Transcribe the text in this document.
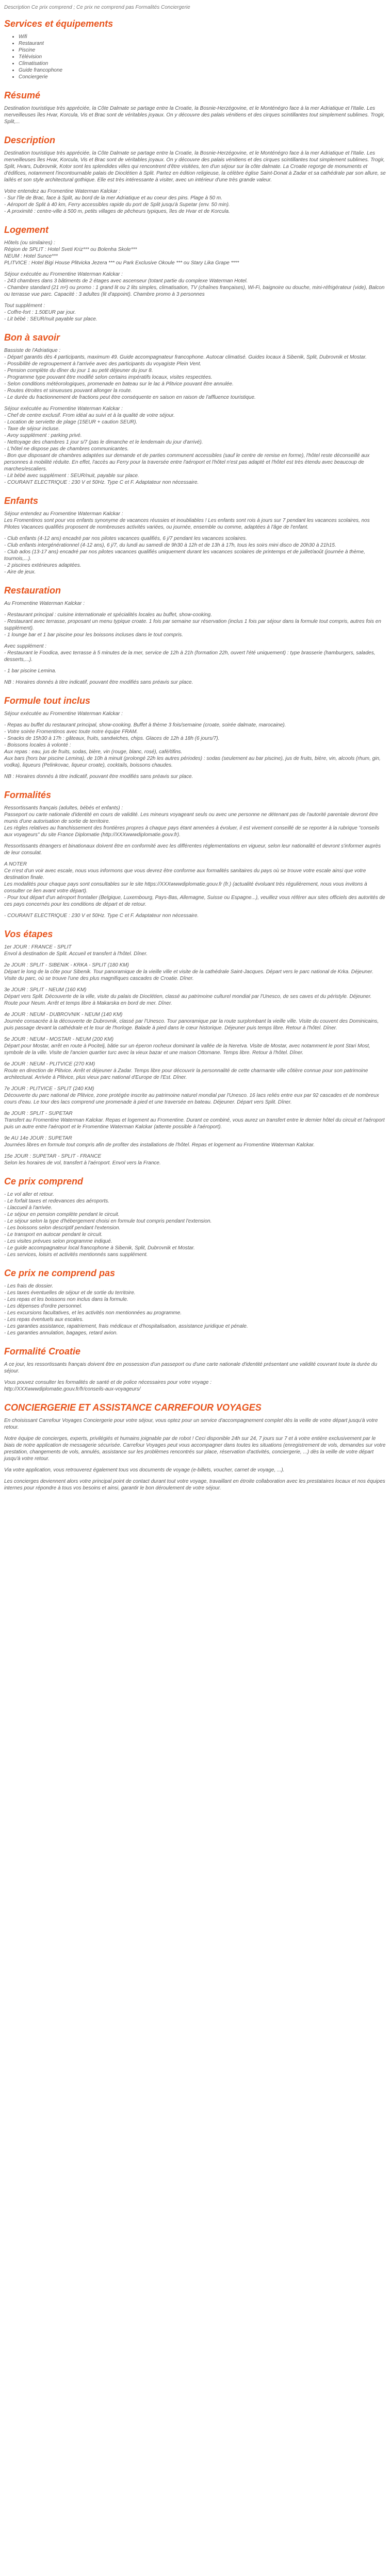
Description Ce prix comprend ; Ce prix ne comprend pas Formalités Conciergerie
Services et équipements
• Wifi
• Restaurant
• Piscine
• Télévision
• Climatisation
• Guide francophone
• Conciergerie
Résumé
Destination touristique très appréciée, la Côte Dalmate se partage entre la Croatie, la Bosnie-Herzégovine, et le Monténégro face à la mer Adriatique et l'Italie. Les merveilleuses îles Hvar, Korcula, Vis et Brac sont de véritables joyaux. On y découvre des palais vénitiens et des cirques scintillantes tout simplement sublimes. Trogir, Split,...
Description
Destination touristique très appréciée, la Côte Dalmate se partage entre la Croatie, la Bosnie-Herzégovine, et le Monténégro face à la mer Adriatique et l'Italie. Les merveilleuses îles Hvar, Korcula, Vis et Brac sont de véritables joyaux. On y découvre des palais vénitiens et des cirques scintillantes tout simplement sublimes. Trogir, Split, Hvars, Dubrovnik, Kotor sont les splendides villes qui rencontrent d'être visitées, ten d'un séjour sur la côte dalmate. La Croatie regorge de monuments et d'édifices, notamment l'incontournable palais de Dioclétien à Split. Partez en édition religieuse, la célèbre église Saint-Donat à Zadar et sa cathédrale par son allure, se laïlés et son style architectural gothique. Elle est très intéressante à visiter, avec un intérieur d'une très grande valeur.
Votre entendez au Fromentine Waterman Kalckar :
- Sur l'île de Brac, face à Split, au bord de la mer Adriatique et au coeur des pins. Plage à 50 m.
- Aéroport de Split à 40 km, Ferry accessibles rapide du port de Split jusqu'à Supetar (env. 50 min).
- A proximité : centre-ville à 500 m, petits villages de pêcheurs typiques, îles de Hvar et de Korcula.
Logement
Hôtels (ou similaires) :
Région de SPLIT : Hotel Sveti Kriz*** ou Bolenha Skole***
NEUM : Hotel Sunce***
PLITVICE : Hotel Bigi House Plitvicka Jezera *** ou Park Exclusive Okoule *** ou Stary Lika Grape ****
Séjour exécutée au Fromentine Waterman Kalckar :
- 243 chambres dans 3 bâtiments de 2 étages avec ascenseur (totant partie du complexe Waterman Hotel.
- Chambre standard (21 m²) ou promo : 1 grand lit ou 2 lits simples, climatisation, TV (chaînes françaises), Wi-Fi, baignoire ou douche, mini-réfrigérateur (vide), Balcon ou terrasse vue parc. Capacité : 3 adultes (lit d'appoint). Chambre promo à 3 personnes
Tout supplément :
- Coffre-fort : 1.50EUR par jour.
- Lit bébé : SEUR/nuit payable sur place.
Bon à savoir
Bassiste de l'Adriatique :
- Départ garantis dès 4 participants, maximum 49. Guide accompagnateur francophone. Autocar climatisé. Guides locaux à Sibenik, Split, Dubrovnik et Mostar.
- Possibilité de regroupement à l'arrivée avec des participants du voyagiste Plein Vent.
- Pension complète du dîner du jour 1 au petit déjeuner du jour 8.
- Programme type pouvant être modifié selon certains impératifs locaux, visites respectées.
- Selon conditions météorologiques, promenade en bateau sur le lac à Plitvice pouvant être annulée.
- Routes étroites et sinueuses pouvant allonger la route.
- Le durée du fractionnement de fractions peut être conséquente en saison en raison de l'affluence touristique.
Séjour exécutée au Fromentine Waterman Kalckar :
- Chef de centre exclusif. From idéal au suivi et à la qualité de votre séjour.
- Location de serviette de plage (15EUR + caution SEUR).
- Taxe de séjour incluse.
- Avoy supplément : parking privé.
- Nettoyage des chambres 1 jour s/7 (pas le dimanche et le lendemain du jour d'arrivé).
- L'hôtel ne dispose pas de chambres communicantes.
- Bon que disposant de chambres adaptées sur demande et de parties communent accessibles (sauf le centre de remise en forme), l'hôtel reste déconseillé aux personnes à mobilité réduite. En effet, l'accès au Ferry pour la traversée entre l'aéroport et l'hôtel n'est pas adapté et l'hôtel est très étendu avec beaucoup de marches/escaliers.
- Lit bébé avec supplément : SEUR/nuit, payable sur place.
- COURANT ELECTRIQUE : 230 V et 50Hz. Type C et F. Adaptateur non nécessaire.
Enfants
Séjour entendez au Fromentine Waterman Kalckar :
Les Fromentinos sont pour vos enfants synonyme de vacances réussies et inoubliables ! Les enfants sont rois à jours sur 7 pendant les vacances scolaires, nos Pilotes Vacances qualifiés proposent de nombreuses activités variées, ou journée, ensemble ou comme, adaptées à l'âge de l'enfant.
- Club enfants (4-12 ans) encadré par nos pilotes vacances qualifiés, 6 j/7 pendant les vacances scolaires.
- Club enfants intergénérationnel (4-12 ans), 6 j/7, du lundi au samedi de 9h30 à 12h et de 13h à 17h, tous les soirs mini disco de 20h30 à 21h15.
- Club ados (13-17 ans) encadré par nos pilotes vacances qualifiés uniquement durant les vacances scolaires de printemps et de juillet/août (journée à thème, tournois,...).
- 2 piscines extérieures adaptées.
- Aire de jeux.
Restauration
Au Fromentine Waterman Kalckar :
- Restaurant principal : cuisine internationale et spécialités locales au buffet, show-cooking.
- Restaurant avec terrasse, proposant un menu typique croate. 1 fois par semaine sur réservation (inclus 1 fois par séjour dans la formule tout compris, autres fois en supplément).
- 1 lounge bar et 1 bar piscine pour les boissons incluses dans le tout compris.
Avec supplément :
- Restaurant le Foodica, avec terrasse à 5 minutes de la mer, service de 12h à 21h (formation 22h, ouvert l'été uniquement) : type brasserie (hamburgers, salades, desserts,...).
- 1 bar piscine Lemina.
NB : Horaires donnés à titre indicatif, pouvant être modifiés sans préavis sur place.
Formule tout inclus
Séjour exécutée au Fromentine Waterman Kalckar :
- Repas au buffet du restaurant principal, show-cooking. Buffet à thème 3 fois/semaine (croate, soirée dalmate, marocaine).
- Votre soirée Fromentinos avec toute notre équipe FRAM.
- Snacks de 15h30 à 17h : gâteaux, fruits, sandwiches, chips. Glaces de 12h à 18h (6 jours/7).
- Boissons locales à volonté :
Aux repas : eau, jus de fruits, sodas, bière, vin (rouge, blanc, rosé), café/tifins.
Aux bars (hors bar piscine Lemina), de 10h à minuit (prolongé 22h les autres périodes) : sodas (seulement au bar piscine), jus de fruits, bière, vin, alcools (rhum, gin, vodka), liqueurs (Pelinkovac, liqueur croate), cocktails, boissons chaudes.
NB : Horaires donnés à titre indicatif, pouvant être modifiés sans préavis sur place.
Formalités
Ressortissants français (adultes, bébés et enfants) :
Passeport ou carte nationale d'identité en cours de validité. Les mineurs voyageant seuls ou avec une personne ne détenant pas de l'autorité parentale devront être munis d'une autorisation de sortie de territoire.
Les règles relatives au franchissement des frontières propres à chaque pays étant amenées à évoluer, il est vivement conseillé de se reporter à la rubrique "conseils aux voyageurs" du site France Diplomatie (http://XXXwwwdiplomatie.gouv.fr).
Ressortissants étrangers et binationaux doivent être en conformité avec les différentes réglementations en vigueur, selon leur nationalité et devront s'informer auprès de leur consulat.
A NOTER
Ce n'est d'un voir avec escale, nous vous informons que vous devrez être conforme aux formalités sanitaires du pays où se trouve votre escale ainsi que votre destination finale.
Les modalités pour chaque pays sont consultables sur le site https://XXXwwwdiplomatie.gouv.fr (fr.) (actualité évoluant très régulièrement, nous vous invitons à consulter ce lien avant votre départ).
- Pour tout départ d'un aéroport frontalier (Belgique, Luxembourg, Pays-Bas, Allemagne, Suisse ou Espagne...), veuillez vous référer aux sites officiels des autorités de ces pays concernés pour les conditions de départ et de retour.
- COURANT ELECTRIQUE : 230 V et 50Hz. Type C et F. Adaptateur non nécessaire.
Vos étapes
1er JOUR : FRANCE - SPLIT
Envol à destination de Split. Accueil et transfert à l'hôtel. Dîner.
2e JOUR : SPLIT - SIBENIK - KRKA - SPLIT (180 KM)
Départ le long de la côte pour Sibenik. Tour panoramique de la vieille ville et visite de la cathédrale Saint-Jacques. Départ vers le parc national de Krka. Déjeuner. Visite du parc, où se trouve l'une des plus magnifiques cascades de Croatie. Dîner.
3e JOUR : SPLIT - NEUM (160 KM)
Départ vers Split. Découverte de la ville, visite du palais de Dioclétien, classé au patrimoine culturel mondial par l'Unesco, de ses caves et du péristyle. Déjeuner. Route pour Neum. Arrêt et temps libre à Makarska en bord de mer. Dîner.
4e JOUR : NEUM - DUBROVNIK - NEUM (140 KM)
Journée consacrée à la découverte de Dubrovnik, classé par l'Unesco. Tour panoramique par la route surplombant la vieille ville. Visite du couvent des Dominicains, puis passage devant la cathédrale et le tour de l'horloge. Balade à pied dans le cœur historique. Déjeuner puis temps libre. Retour à l'hôtel. Dîner.
5e JOUR : NEUM - MOSTAR - NEUM (200 KM)
Départ pour Mostar, arrêt en route à Pocitelj, bâtie sur un éperon rocheux dominant la vallée de la Neretva. Visite de Mostar, avec notamment le pont Stari Most, symbole de la ville. Visite de l'ancien quartier turc avec la vieux bazar et une maison Ottomane. Temps libre. Retour à l'hôtel. Dîner.
6e JOUR : NEUM - PLITVICE (270 KM)
Route en direction de Plitvice. Arrêt et déjeuner à Zadar. Temps libre pour découvrir la personnalité de cette charmante ville côtière connue pour son patrimoine architectural. Arrivée à Plitvice, plus vieux parc national d'Europe de l'Est. Dîner.
7e JOUR : PLITVICE - SPLIT (240 KM)
Découverte du parc national de Plitvice, zone protégée inscrite au patrimoine naturel mondial par l'Unesco. 16 lacs reliés entre eux par 92 cascades et de nombreux cours d'eau. Le tour des lacs comprend une promenade à pied et une traversée en bateau. Déjeuner. Départ vers Split. Dîner.
8e JOUR : SPLIT - SUPETAR
Transfert au Fromentine Waterman Kalckar. Repas et logement au Fromentine. Durant ce combiné, vous aurez un transfert entre le dernier hôtel du circuit et l'aéroport puis un autre entre l'aéroport et le Fromentine Waterman Kalckar (attente possible à l'aéroport).
9e AU 14e JOUR : SUPETAR
Journées libres en formule tout compris afin de profiter des installations de l'hôtel. Repas et logement au Fromentine Waterman Kalckar.
15e JOUR : SUPETAR - SPLIT - FRANCE
Selon les horaires de vol, transfert à l'aéroport. Envol vers la France.
Ce prix comprend
- Le vol aller et retour.
- Le forfait taxes et redevances des aéroports.
- Llaccueil à l'arrivée.
- Le séjour en pension complète pendant le circuit.
- Le séjour selon la type d'hébergement choisi en formule tout compris pendant l'extension.
- Les boissons selon descriptif pendant l'extension.
- Le transport en autocar pendant le circuit.
- Les visites prévues selon programme indiqué.
- Le guide accompagnateur local francophone à Sibenik, Split, Dubrovnik et Mostar.
- Les services, loisirs et activités mentionnés sans supplément.
Ce prix ne comprend pas
- Les frais de dossier.
- Les taxes éventuelles de séjour et de sortie du territoire.
- Les repas et les boissons non inclus dans la formule.
- Les dépenses d'ordre personnel.
- Les excursions facultatives, et les activités non mentionnées au programme.
- Les repas éventuels aux escales.
- Les garanties assistance, rapatriement, frais médicaux et d'hospitalisation, assistance juridique et pénale.
- Les garanties annulation, bagages, retard avion.
Formalité Croatie
A ce jour, les ressortissants français doivent être en possession d'un passeport ou d'une carte nationale d'identité présentant une validité couvrant toute la durée du séjour.
Vous pouvez consulter les formalités de santé et de police nécessaires pour votre voyage :
http://XXXwwwdiplomatie.gouv.fr/fr/conseils-aux-voyageurs/
CONCIERGERIE ET ASSISTANCE CARREFOUR VOYAGES
En choisissant Carrefour Voyages Conciergerie pour votre séjour, vous optez pour un service d'accompagnement complet dès la veille de votre départ jusqu'à votre retour.
Notre équipe de concierges, experts, privilégiés et humains joignable par de robot ! Ceci disponible 24h sur 24, 7 jours sur 7 et à votre entière exclusivement par le biais de notre application de messagerie sécurisée. Carrefour Voyages peut vous accompagner dans toutes les situations (enregistrement de vols, demandes sur votre prestation, changements de vols, annulés, assistance sur les problèmes rencontrés sur place, réservation d'activités, conciergerie, ...) dès la veille de votre départ jusqu'à votre retour.
Via votre application, vous retrouverez également tous vos documents de voyage (e-billets, voucher, carnet de voyage, ...).
Les concierges deviennent alors votre principal point de contact durant tout votre voyage, travaillant en étroite collaboration avec les prestataires locaux et nos équipes internes pour répondre à tous vos besoins et ainsi, garantir le bon déroulement de votre séjour.
